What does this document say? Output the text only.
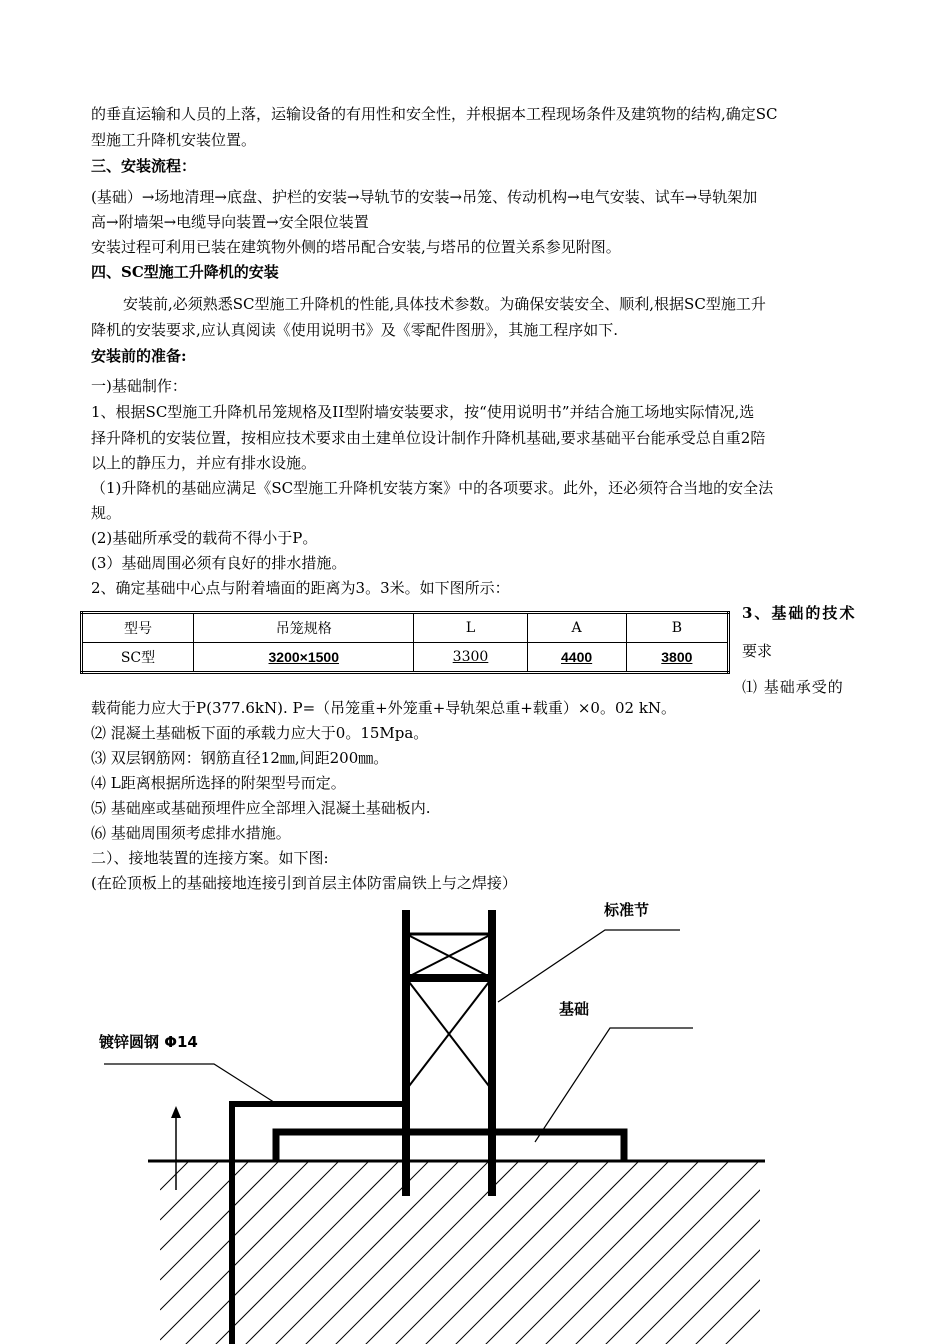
的垂直运输和人员的上落，运输设备的有用性和安全性，并根据本工程现场条件及建筑物的结构,确定SC
型施工升降机安装位置。
三、安装流程：
(基础）→场地清理→底盘、护栏的安装→导轨节的安装→吊笼、传动机构→电气安装、试车→导轨架加
高→附墙架→电缆导向装置→安全限位装置
安装过程可利用已装在建筑物外侧的塔吊配合安装,与塔吊的位置关系参见附图。
四、SC型施工升降机的安装
安装前,必须熟悉SC型施工升降机的性能,具体技术参数。为确保安装安全、顺利,根据SC型施工升
降机的安装要求,应认真阅读《使用说明书》及《零配件图册》，其施工程序如下.
安装前的准备:
一)基础制作：
1、根据SC型施工升降机吊笼规格及II型附墙安装要求，按“使用说明书”并结合施工场地实际情况,选
择升降机的安装位置，按相应技术要求由土建单位设计制作升降机基础,要求基础平台能承受总自重2陪
以上的静压力，并应有排水设施。
（1)升降机的基础应满足《SC型施工升降机安装方案》中的各项要求。此外，还必须符合当地的安全法
规。
(2)基础所承受的载荷不得小于P。
(3）基础周围必须有良好的排水措施。
2、确定基础中心点与附着墙面的距离为3。3米。如下图所示：
型号	吊笼规格	L	A	B
SC型	3200×1500	3300	4400	3800
3、基础的技术
要求
⑴ 基础承受的
载荷能力应大于P(377.6kN). P=（吊笼重+外笼重+导轨架总重+载重）×0。02 kN。
⑵ 混凝土基础板下面的承载力应大于0。15Mpa。
⑶ 双层钢筋网：钢筋直径12㎜,间距200㎜。
⑷ L距离根据所选择的附架型号而定。
⑸ 基础座或基础预埋件应全部埋入混凝土基础板内.
⑹ 基础周围须考虑排水措施。
二）、接地装置的连接方案。如下图:
(在砼顶板上的基础接地连接引到首层主体防雷扁铁上与之焊接）
标准节
基础
镀锌圆钢 Φ14
